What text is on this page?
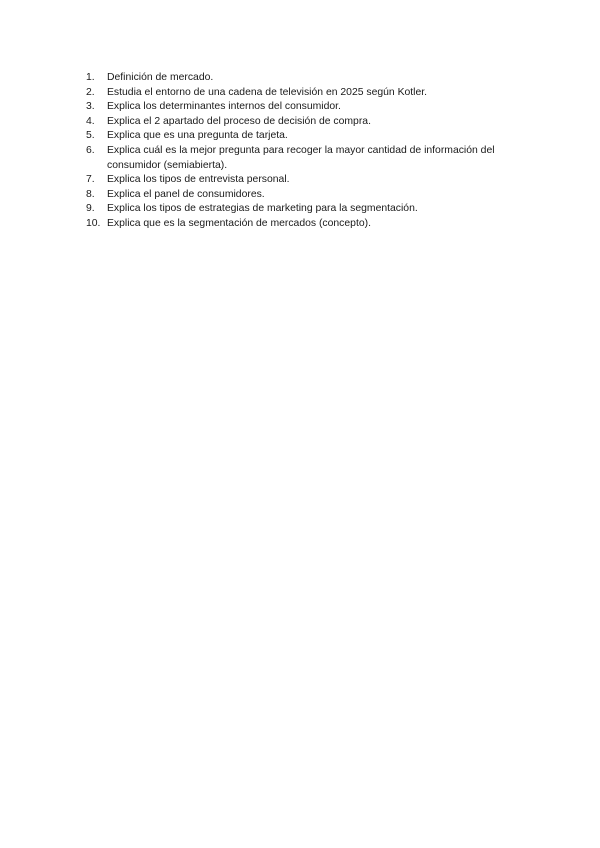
1.	Definición de mercado.
2.	Estudia el entorno de una cadena de televisión en 2025 según Kotler.
3.	Explica los determinantes internos del consumidor.
4.	Explica el 2 apartado del proceso de decisión de compra.
5.	Explica que es una pregunta de tarjeta.
6.	Explica cuál es la mejor pregunta para recoger la mayor cantidad de información del consumidor (semiabierta).
7.	Explica los tipos de entrevista personal.
8.	Explica el panel de consumidores.
9.	Explica los tipos de estrategias de marketing para la segmentación.
10. Explica que es la segmentación de mercados (concepto).
